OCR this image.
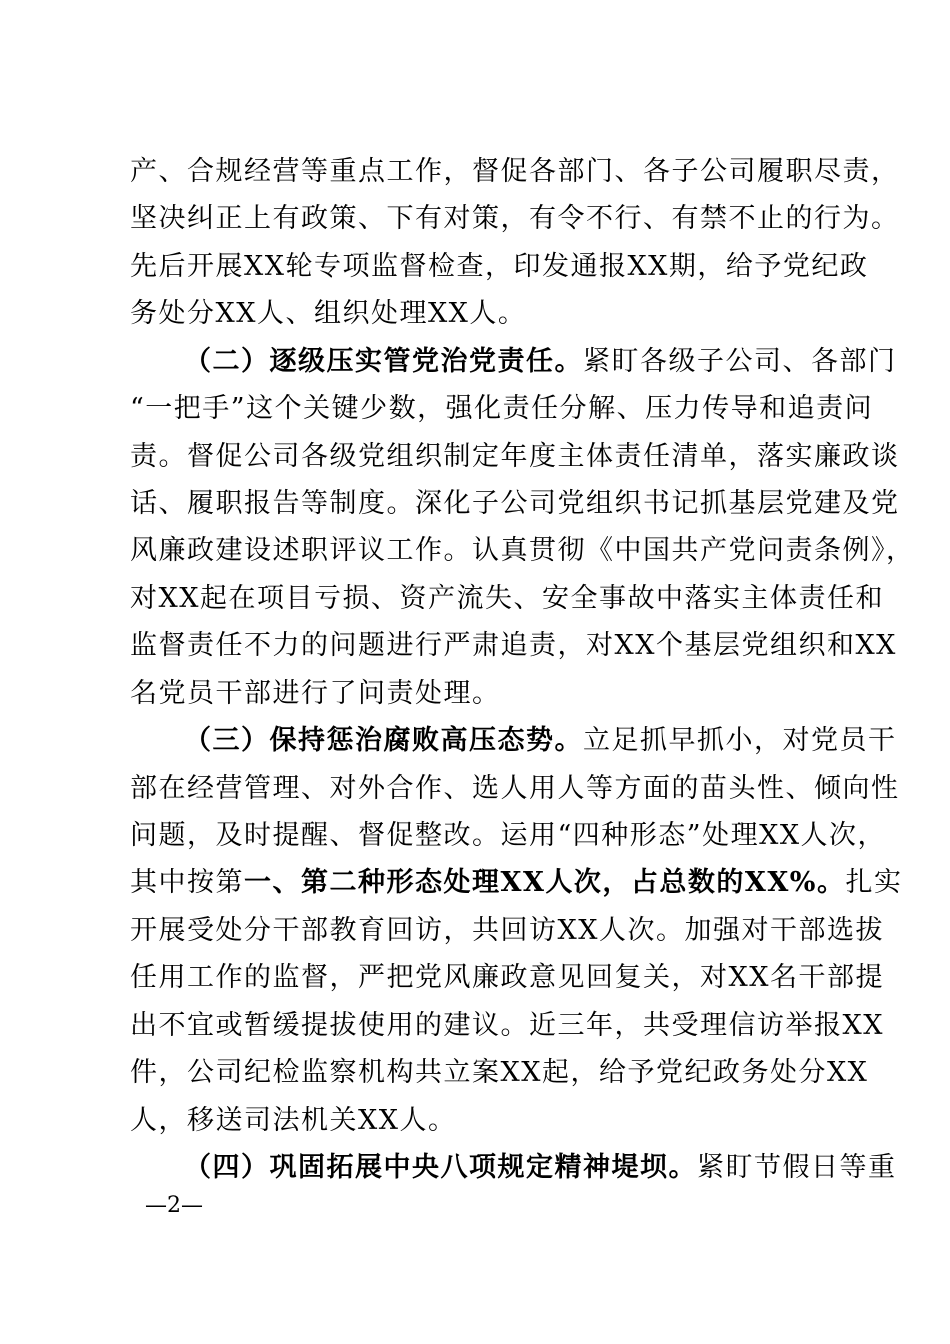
产、合规经营等重点工作，督促各部门、各子公司履职尽责，
坚决纠正上有政策、下有对策，有令不行、有禁不止的行为。
先后开展XX轮专项监督检查，印发通报XX期，给予党纪政
务处分XX人、组织处理XX人。
（二）逐级压实管党治党责任。紧盯各级子公司、各部门
“一把手”这个关键少数，强化责任分解、压力传导和追责问
责。督促公司各级党组织制定年度主体责任清单，落实廉政谈
话、履职报告等制度。深化子公司党组织书记抓基层党建及党
风廉政建设述职评议工作。认真贯彻《中国共产党问责条例》，
对XX起在项目亏损、资产流失、安全事故中落实主体责任和
监督责任不力的问题进行严肃追责，对XX个基层党组织和XX
名党员干部进行了问责处理。
（三）保持惩治腐败高压态势。立足抓早抓小，对党员干
部在经营管理、对外合作、选人用人等方面的苗头性、倾向性
问题，及时提醒、督促整改。运用“四种形态”处理XX人次，
其中按第一、第二种形态处理XX人次，占总数的XX%。扎实
开展受处分干部教育回访，共回访XX人次。加强对干部选拔
任用工作的监督，严把党风廉政意见回复关，对XX名干部提
出不宜或暂缓提拔使用的建议。近三年，共受理信访举报XX
件，公司纪检监察机构共立案XX起，给予党纪政务处分XX
人，移送司法机关XX人。
（四）巩固拓展中央八项规定精神堤坝。紧盯节假日等重
—2—
